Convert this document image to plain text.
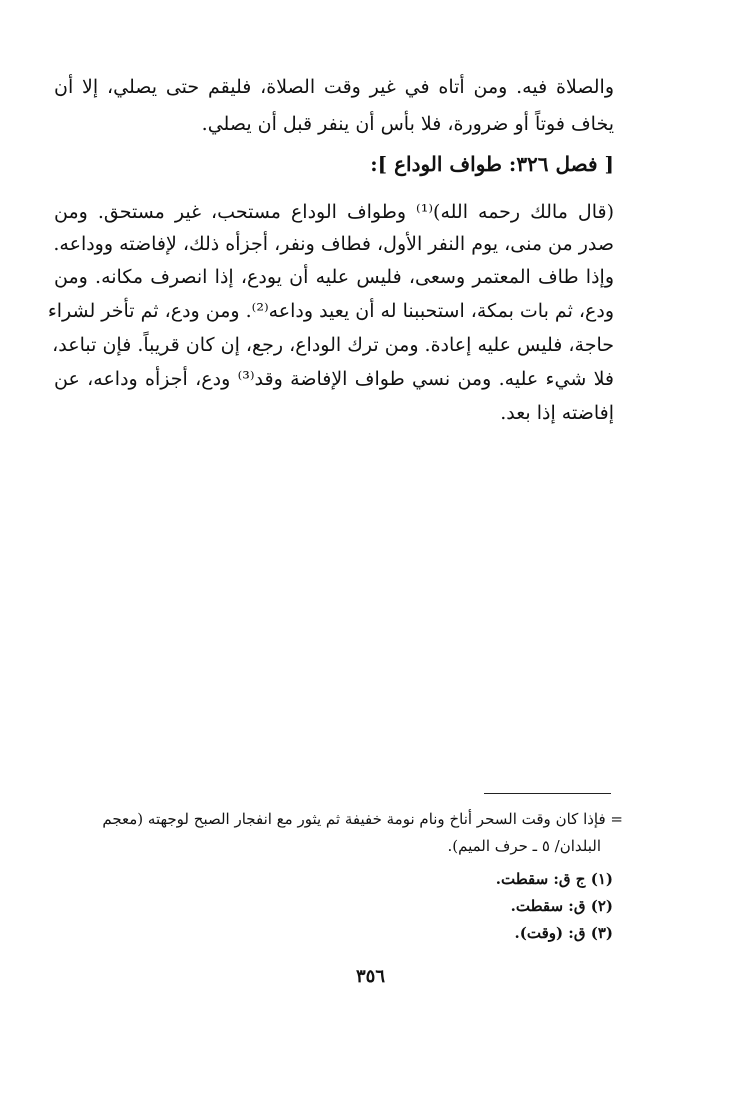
والصلاة فيه. ومن أتاه في غير وقت الصلاة، فليقم حتى يصلي، إلا أن
يخاف فوتاً أو ضرورة، فلا بأس أن ينفر قبل أن يصلي.
[ فصل ٣٢٦: طواف الوداع ]:
(قال مالك رحمه الله)⁽¹⁾ وطواف الوداع مستحب، غير مستحق. ومن
صدر من منى، يوم النفر الأول، فطاف ونفر، أجزأه ذلك، لإفاضته ووداعه.
وإذا طاف المعتمر وسعى، فليس عليه أن يودع، إذا انصرف مكانه. ومن
ودع، ثم بات بمكة، استحببنا له أن يعيد وداعه⁽²⁾. ومن ودع، ثم تأخر لشراء
حاجة، فليس عليه إعادة. ومن ترك الوداع، رجع، إن كان قريباً. فإن تباعد،
فلا شيء عليه. ومن نسي طواف الإفاضة وقد⁽³⁾ ودع، أجزأه وداعه، عن
إفاضته إذا بعد.
= فإذا كان وقت السحر أناخ ونام نومة خفيفة ثم يثور مع انفجار الصبح لوجهته (معجم
البلدان/ ٥ ـ حرف الميم).
(١) ج ق: سقطت.
(٢) ق: سقطت.
(٣) ق: (وقت).
٣٥٦
